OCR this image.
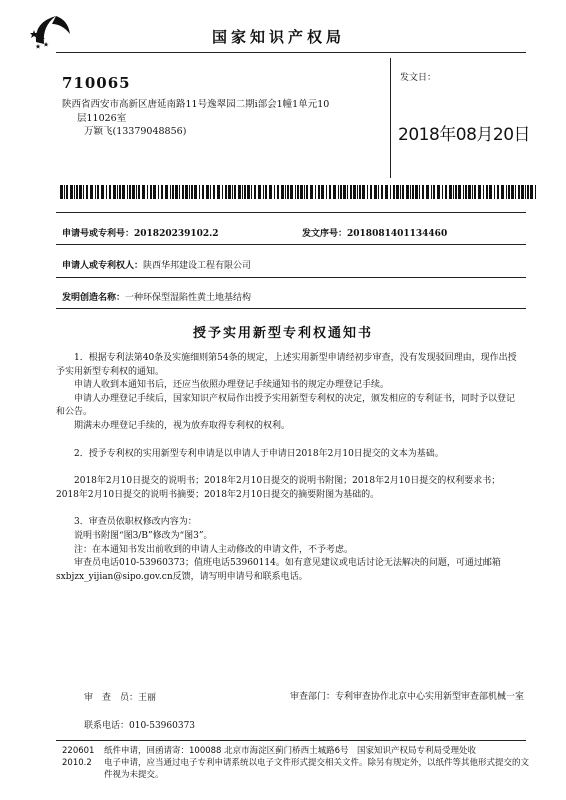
国家知识产权局
710065
陕西省西安市高新区唐延南路11号逸翠园二期i部会1幢1单元10
层11026室
万颖飞(13379048856)
发文日：
2018年08月20日
申请号或专利号：201820239102.2	发文序号：2018081401134460
申请人或专利权人：陕西华邦建设工程有限公司
发明创造名称：一种环保型湿陷性黄土地基结构
授予实用新型专利权通知书

1．根据专利法第40条及实施细则第54条的规定，上述实用新型申请经初步审查，没有发现驳回理由，现作出授予实用新型专利权的通知。

申请人收到本通知书后，还应当依照办理登记手续通知书的规定办理登记手续。

申请人办理登记手续后，国家知识产权局作出授予实用新型专利权的决定，颁发相应的专利证书，同时予以登记和公告。

期满未办理登记手续的，视为放弃取得专利权的权利。

2．授予专利权的实用新型专利申请是以申请人于申请日2018年2月10日提交的文本为基础。

2018年2月10日提交的说明书；2018年2月10日提交的说明书附图；2018年2月10日提交的权利要求书；2018年2月10日提交的说明书摘要；2018年2月10日提交的摘要附图为基础的。

3．审查员依职权修改内容为：

说明书附图“图3/B”修改为“图3”。

注：在本通知书发出前收到的申请人主动修改的申请文件，不予考虑。

审查员电话010-53960373；值班电话53960114。如有意见建议或电话讨论无法解决的问题，可通过邮箱sxbjzx_yijian@sipo.gov.cn反馈，请写明申请号和联系电话。

审　查　员：王丽	审查部门：专利审查协作北京中心实用新型审查部机械一室
联系电话：010-53960373
220601
2010.2
纸件申请，回函请寄：100088 北京市海淀区蓟门桥西土城路6号　国家知识产权局专利局受理处收
电子申请，应当通过电子专利申请系统以电子文件形式提交相关文件。除另有规定外，以纸件等其他形式提交的文件视为未提交。
